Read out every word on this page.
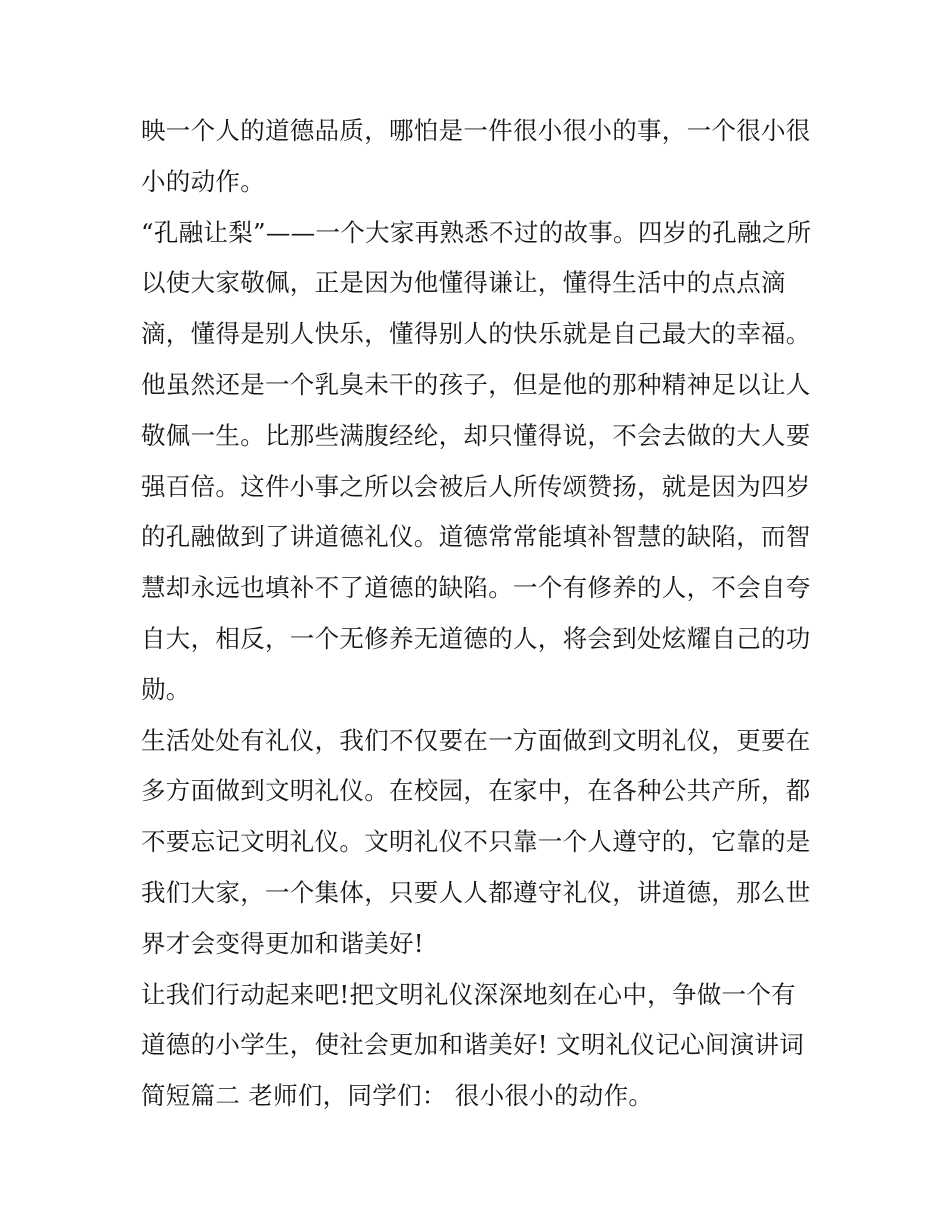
映一个人的道德品质，哪怕是一件很小很小的事，一个很小很
小的动作。
“孔融让梨”——一个大家再熟悉不过的故事。四岁的孔融之所
以使大家敬佩，正是因为他懂得谦让，懂得生活中的点点滴
滴，懂得是别人快乐，懂得别人的快乐就是自己最大的幸福。
他虽然还是一个乳臭未干的孩子，但是他的那种精神足以让人
敬佩一生。比那些满腹经纶，却只懂得说，不会去做的大人要
强百倍。这件小事之所以会被后人所传颂赞扬，就是因为四岁
的孔融做到了讲道德礼仪。道德常常能填补智慧的缺陷，而智
慧却永远也填补不了道德的缺陷。一个有修养的人，不会自夸
自大，相反，一个无修养无道德的人，将会到处炫耀自己的功
勋。
生活处处有礼仪，我们不仅要在一方面做到文明礼仪，更要在
多方面做到文明礼仪。在校园，在家中，在各种公共产所，都
不要忘记文明礼仪。文明礼仪不只靠一个人遵守的，它靠的是
我们大家，一个集体，只要人人都遵守礼仪，讲道德，那么世
界才会变得更加和谐美好!
让我们行动起来吧!把文明礼仪深深地刻在心中，争做一个有
道德的小学生，使社会更加和谐美好! 文明礼仪记心间演讲词
简短篇二 老师们，同学们： 很小很小的动作。
